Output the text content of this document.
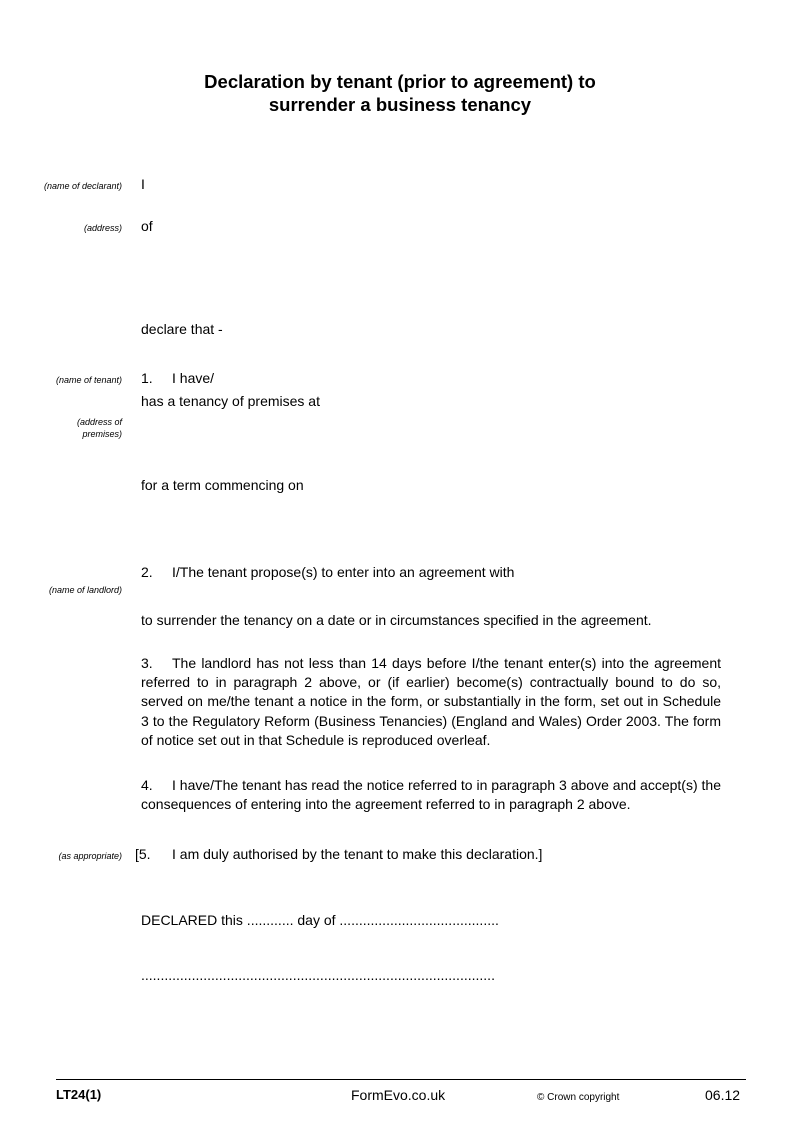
Declaration by tenant (prior to agreement) to
surrender a business tenancy
(name of declarant) I
(address) of
declare that -
(name of tenant) 1. I have/
has a tenancy of premises at
(address of
premises)
for a term commencing on
2. I/The tenant propose(s) to enter into an agreement with
(name of landlord)
to surrender the tenancy on a date or in circumstances specified in the agreement.
3. The landlord has not less than 14 days before I/the tenant enter(s) into the agreement referred to in paragraph 2 above, or (if earlier) become(s) contractually bound to do so, served on me/the tenant a notice in the form, or substantially in the form, set out in Schedule 3 to the Regulatory Reform (Business Tenancies) (England and Wales) Order 2003. The form of notice set out in that Schedule is reproduced overleaf.
4. I have/The tenant has read the notice referred to in paragraph 3 above and accept(s) the consequences of entering into the agreement referred to in paragraph 2 above.
(as appropriate) [5. I am duly authorised by the tenant to make this declaration.]
DECLARED this ............ day of .........................................
...........................................................................................
LT24(1)	FormEvo.co.uk	© Crown copyright	06.12
